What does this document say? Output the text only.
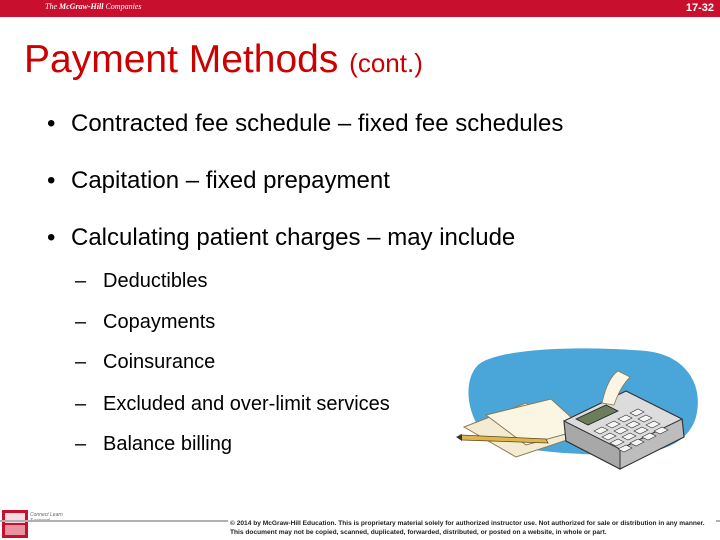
The McGraw-Hill Companies	17-32
Payment Methods (cont.)
• Contracted fee schedule – fixed fee schedules
• Capitation – fixed prepayment
• Calculating patient charges – may include
– Deductibles
– Copayments
– Coinsurance
– Excluded and over-limit services
– Balance billing
Connect Learn
© 2014 by McGraw-Hill Education. This is proprietary material solely for authorized instructor use. Not authorized for sale or distribution in any manner. This document may not be copied, scanned, duplicated, forwarded, distributed, or posted on a website, in whole or part.
